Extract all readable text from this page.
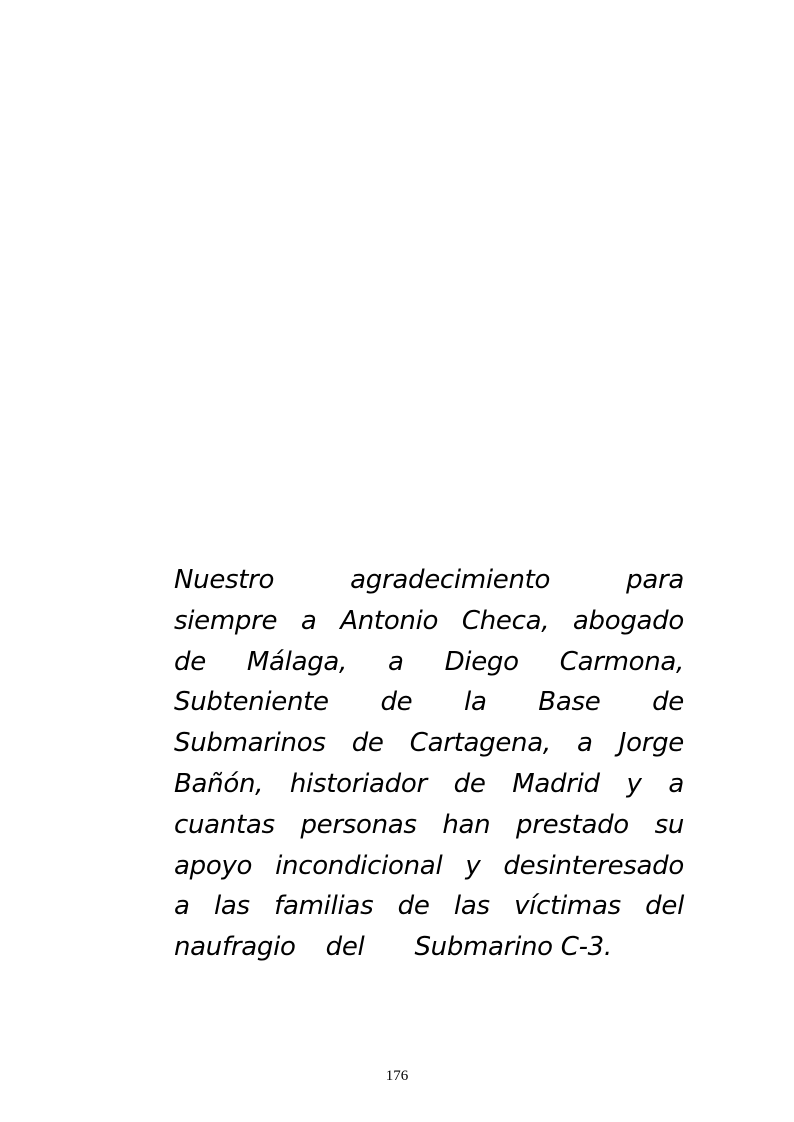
Nuestro agradecimiento para
siempre a Antonio Checa, abogado
de Málaga, a Diego Carmona,
Subteniente de la Base de
Submarinos de Cartagena, a Jorge
Bañón, historiador de Madrid y a
cuantas personas han prestado su
apoyo incondicional y desinteresado
a las familias de las víctimas del
naufragio del Submarino C-3.
176
